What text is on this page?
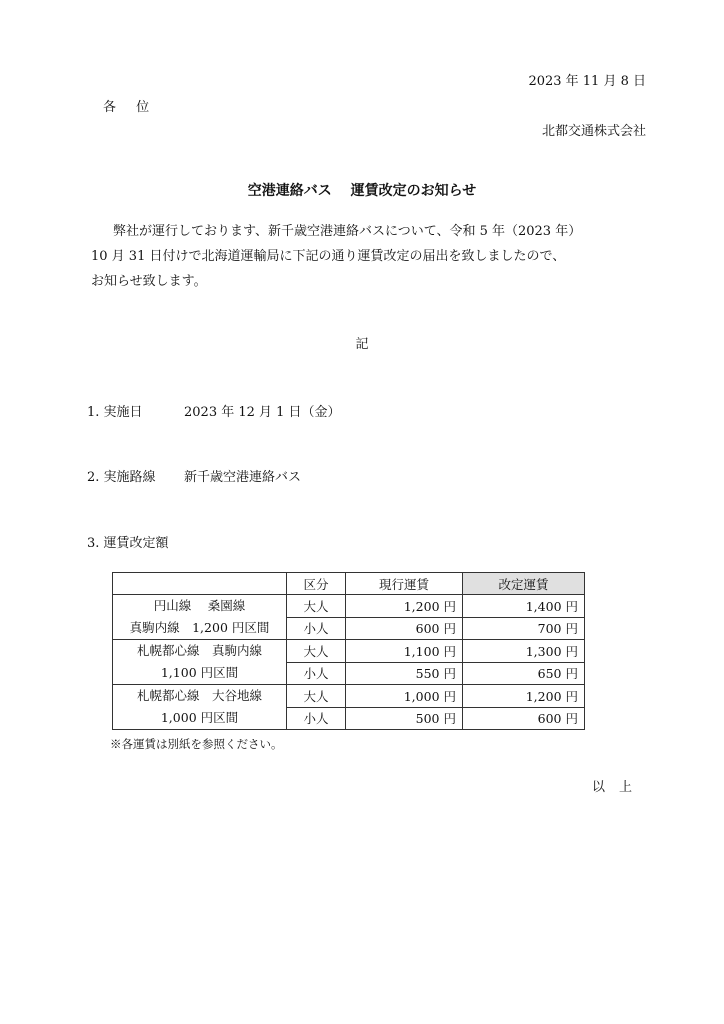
2023 年 11 月 8 日
各　 位
北都交通株式会社
空港連絡バス　 運賃改定のお知らせ

弊社が運行しております、新千歳空港連絡バスについて、令和 5 年（2023 年）

10 月 31 日付けで北海道運輸局に下記の通り運賃改定の届出を致しましたので、

お知らせ致します。

記
1. 実施日	2023 年 12 月 1 日（金）
2. 実施路線 新千歳空港連絡バス
3. 運賃改定額
	区分	現行運賃	改定運賃

円山線　 桑園線
真駒内線　1,200 円区間	大人	1,200 円	1,400 円
	小人	600 円	700 円

札幌都心線　真駒内線
1,100 円区間	大人	1,100 円	1,300 円
	小人	550 円	650 円

札幌都心線　大谷地線
1,000 円区間	大人	1,000 円	1,200 円
	小人	500 円	600 円
※各運賃は別紙を参照ください。
以上
